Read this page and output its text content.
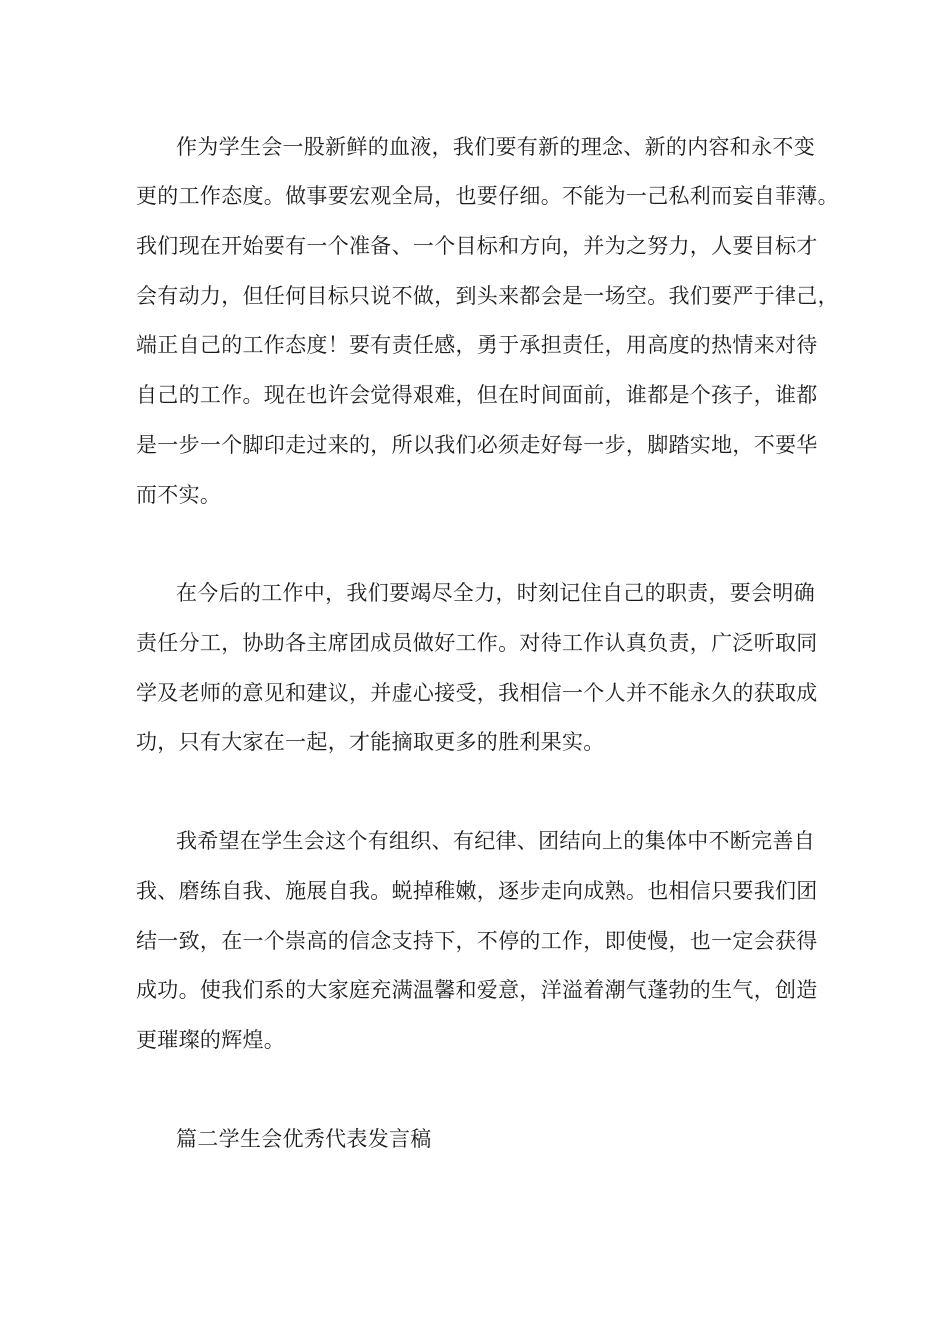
作为学生会一股新鲜的血液，我们要有新的理念、新的内容和永不变
更的工作态度。做事要宏观全局，也要仔细。不能为一己私利而妄自菲薄。
我们现在开始要有一个准备、一个目标和方向，并为之努力，人要目标才
会有动力，但任何目标只说不做，到头来都会是一场空。我们要严于律己，
端正自己的工作态度！要有责任感，勇于承担责任，用高度的热情来对待
自己的工作。现在也许会觉得艰难，但在时间面前，谁都是个孩子，谁都
是一步一个脚印走过来的，所以我们必须走好每一步，脚踏实地，不要华
而不实。
在今后的工作中，我们要竭尽全力，时刻记住自己的职责，要会明确
责任分工，协助各主席团成员做好工作。对待工作认真负责，广泛听取同
学及老师的意见和建议，并虚心接受，我相信一个人并不能永久的获取成
功，只有大家在一起，才能摘取更多的胜利果实。
我希望在学生会这个有组织、有纪律、团结向上的集体中不断完善自
我、磨练自我、施展自我。蜕掉稚嫩，逐步走向成熟。也相信只要我们团
结一致，在一个崇高的信念支持下，不停的工作，即使慢，也一定会获得
成功。使我们系的大家庭充满温馨和爱意，洋溢着潮气蓬勃的生气，创造
更璀璨的辉煌。
篇二学生会优秀代表发言稿
